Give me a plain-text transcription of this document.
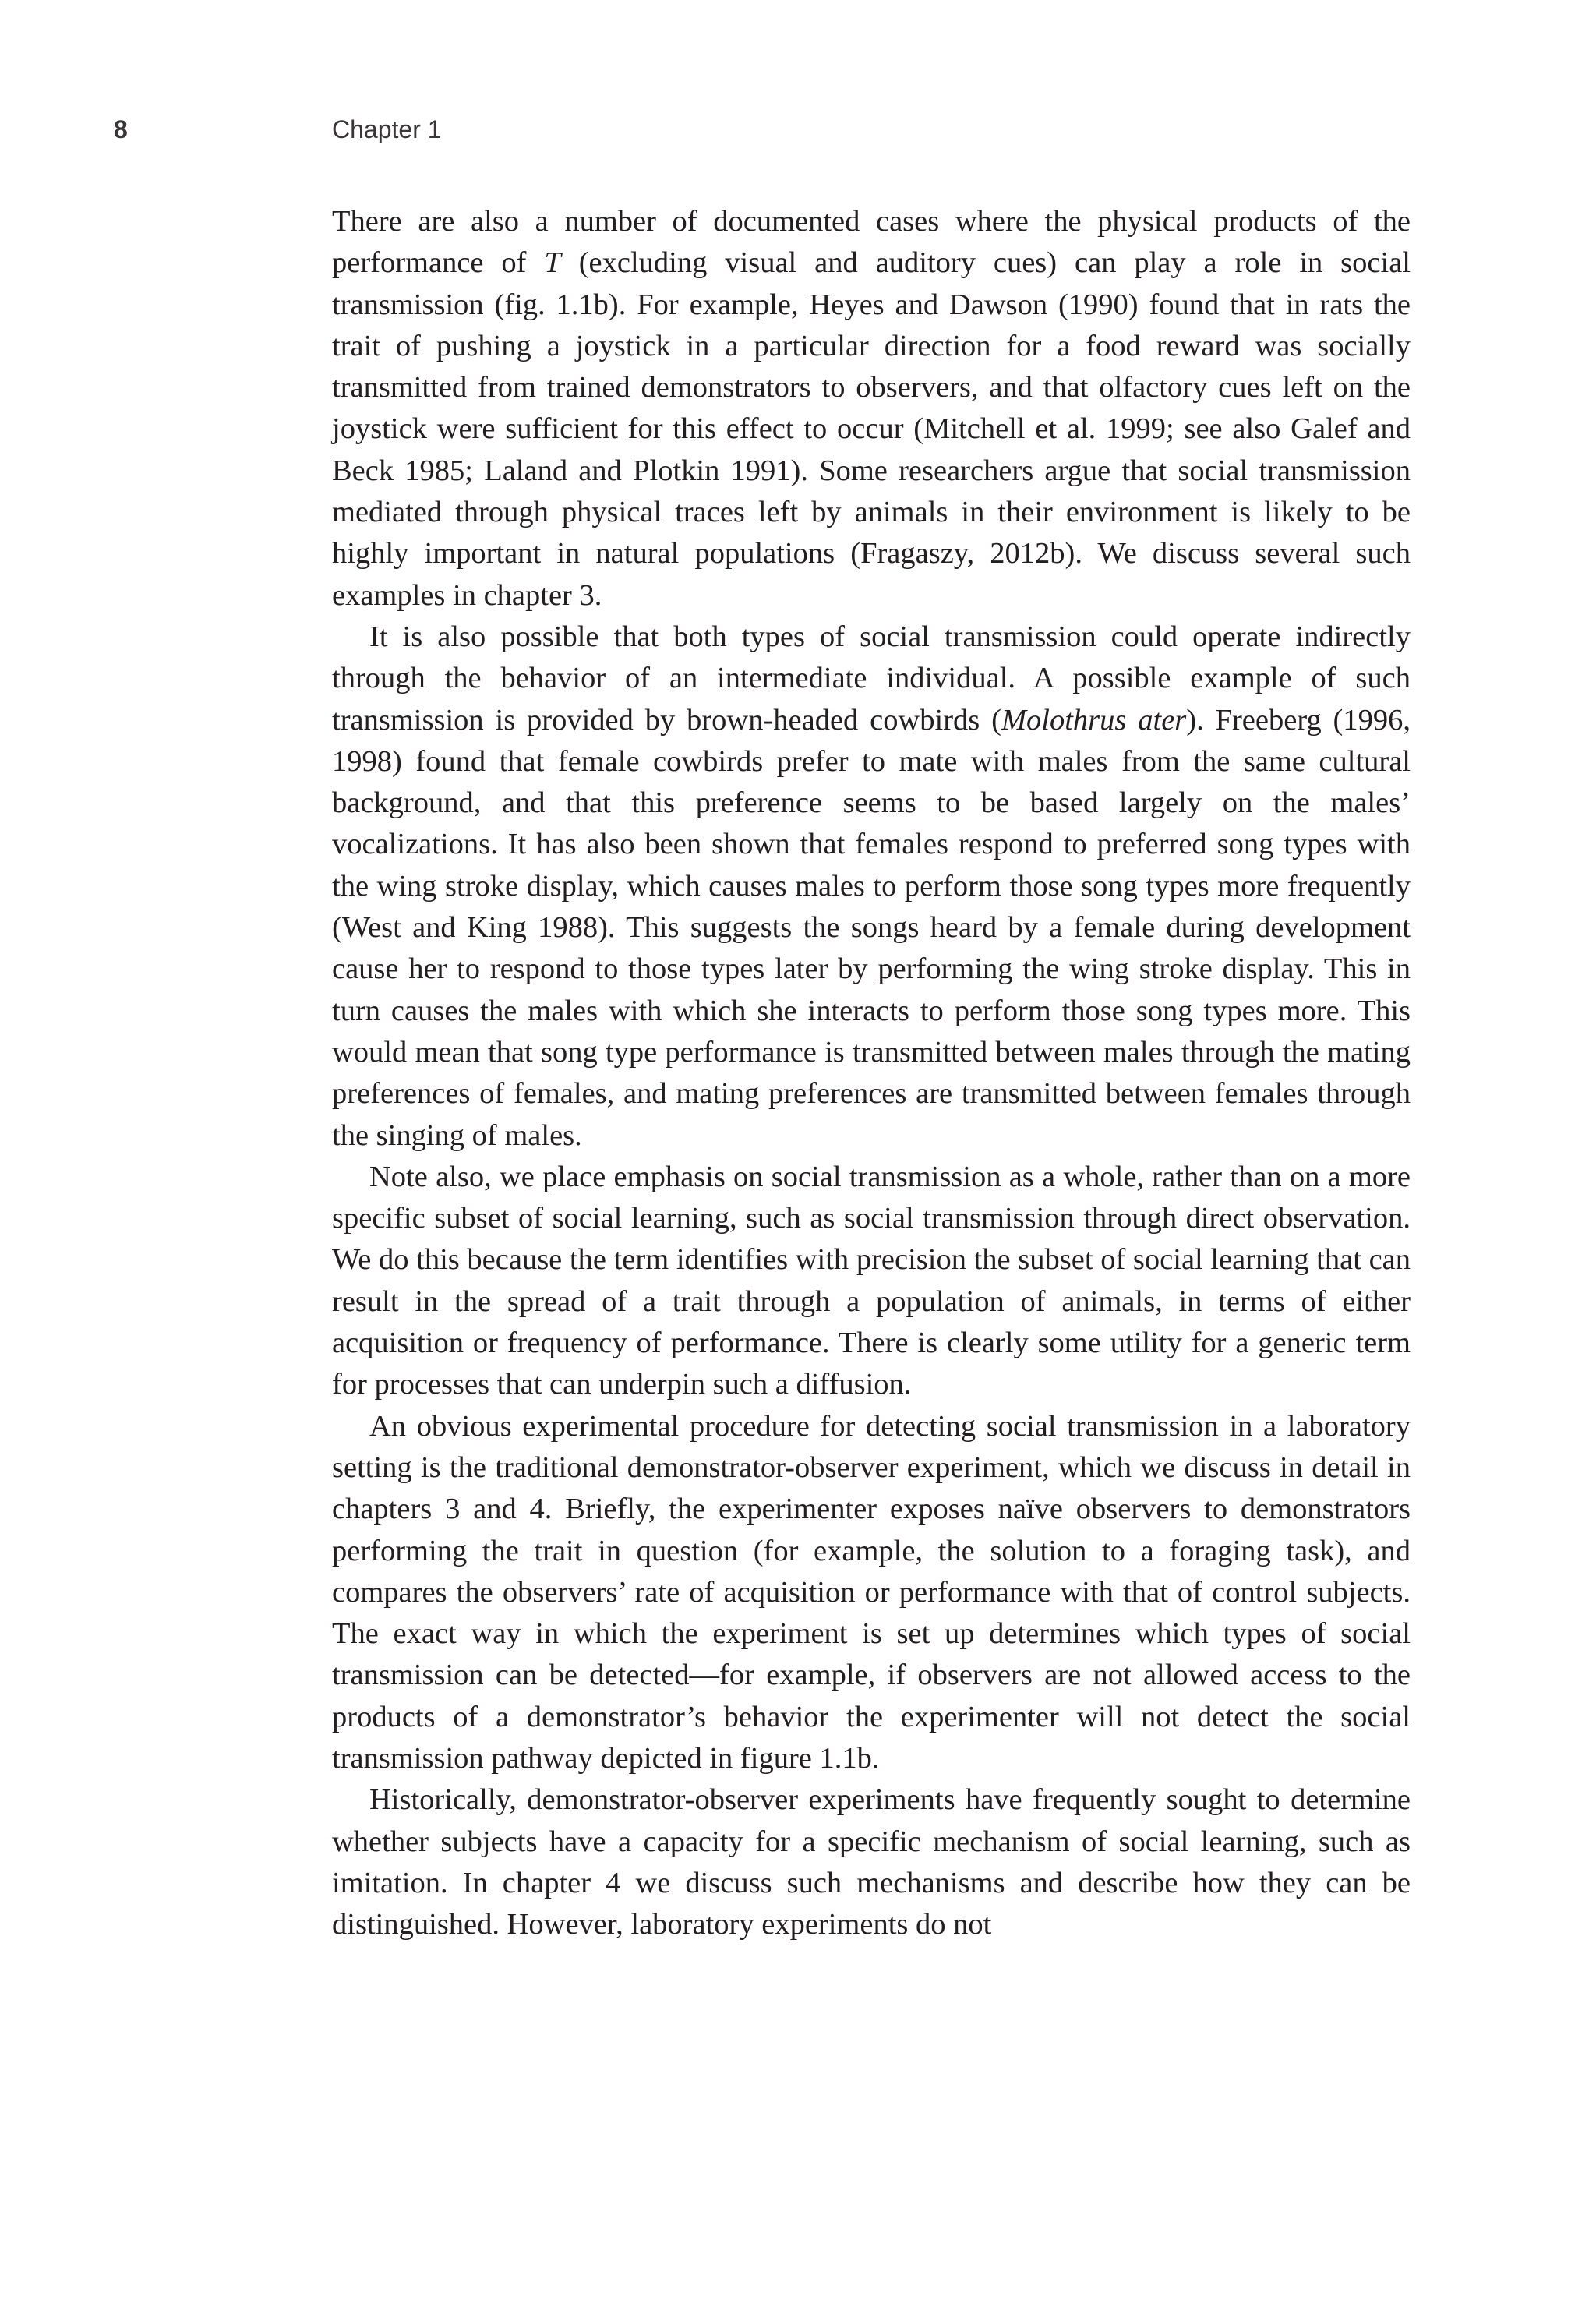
8	Chapter 1

There are also a number of documented cases where the physical products of the performance of T (excluding visual and auditory cues) can play a role in social transmission (fig. 1.1b). For example, Heyes and Dawson (1990) found that in rats the trait of pushing a joystick in a particular direction for a food reward was socially transmitted from trained demonstrators to observers, and that olfactory cues left on the joystick were sufficient for this effect to occur (Mitchell et al. 1999; see also Galef and Beck 1985; Laland and Plotkin 1991). Some researchers argue that social transmission mediated through physical traces left by animals in their environment is likely to be highly important in natural populations (Fragaszy, 2012b). We discuss several such examples in chapter 3.

It is also possible that both types of social transmission could operate indirectly through the behavior of an intermediate individual. A possible example of such transmission is provided by brown-headed cowbirds (Molothrus ater). Freeberg (1996, 1998) found that female cowbirds prefer to mate with males from the same cultural background, and that this preference seems to be based largely on the males’ vocalizations. It has also been shown that females respond to preferred song types with the wing stroke display, which causes males to perform those song types more frequently (West and King 1988). This suggests the songs heard by a female during development cause her to respond to those types later by performing the wing stroke display. This in turn causes the males with which she interacts to perform those song types more. This would mean that song type performance is transmitted between males through the mating preferences of females, and mating preferences are transmitted between females through the singing of males.

Note also, we place emphasis on social transmission as a whole, rather than on a more specific subset of social learning, such as social transmission through direct observation. We do this because the term identifies with precision the subset of social learning that can result in the spread of a trait through a population of animals, in terms of either acquisition or frequency of performance. There is clearly some utility for a generic term for processes that can underpin such a diffusion.

An obvious experimental procedure for detecting social transmission in a laboratory setting is the traditional demonstrator-observer experiment, which we discuss in detail in chapters 3 and 4. Briefly, the experimenter exposes naïve observers to demonstrators performing the trait in question (for example, the solution to a foraging task), and compares the observers’ rate of acquisition or performance with that of control subjects. The exact way in which the experiment is set up determines which types of social transmission can be detected—for example, if observers are not allowed access to the products of a demonstrator’s behavior the experimenter will not detect the social transmission pathway depicted in figure 1.1b.

Historically, demonstrator-observer experiments have frequently sought to determine whether subjects have a capacity for a specific mechanism of social learning, such as imitation. In chapter 4 we discuss such mechanisms and describe how they can be distinguished. However, laboratory experiments do not
